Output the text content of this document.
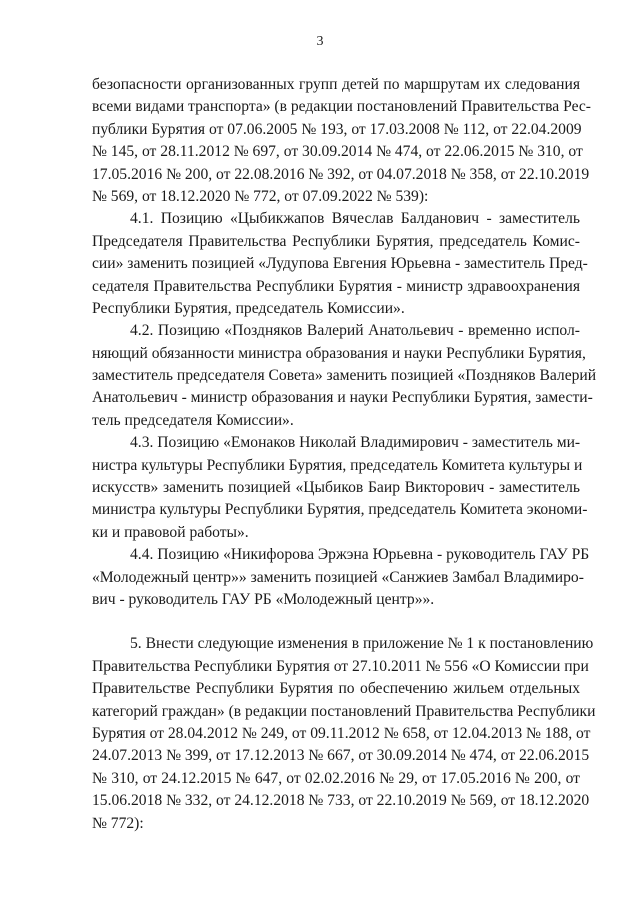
3
безопасности организованных групп детей по маршрутам их следования
всеми видами транспорта» (в редакции постановлений Правительства Рес-
публики Бурятия от 07.06.2005 № 193, от 17.03.2008 № 112, от 22.04.2009
№ 145, от 28.11.2012 № 697, от 30.09.2014 № 474, от 22.06.2015 № 310, от
17.05.2016 № 200, от 22.08.2016 № 392, от 04.07.2018 № 358, от 22.10.2019
№ 569, от 18.12.2020 № 772, от 07.09.2022 № 539):
4.1. Позицию «Цыбикжапов Вячеслав Балданович - заместитель
Председателя Правительства Республики Бурятия, председатель Комис-
сии» заменить позицией «Лудупова Евгения Юрьевна - заместитель Пред-
седателя Правительства Республики Бурятия - министр здравоохранения
Республики Бурятия, председатель Комиссии».
4.2. Позицию «Поздняков Валерий Анатольевич - временно испол-
няющий обязанности министра образования и науки Республики Бурятия,
заместитель председателя Совета» заменить позицией «Поздняков Валерий
Анатольевич - министр образования и науки Республики Бурятия, замести-
тель председателя Комиссии».
4.3. Позицию «Емонаков Николай Владимирович - заместитель ми-
нистра культуры Республики Бурятия, председатель Комитета культуры и
искусств» заменить позицией «Цыбиков Баир Викторович - заместитель
министра культуры Республики Бурятия, председатель Комитета экономи-
ки и правовой работы».
4.4. Позицию «Никифорова Эржэна Юрьевна - руководитель ГАУ РБ
«Молодежный центр»» заменить позицией «Санжиев Замбал Владимиро-
вич - руководитель ГАУ РБ «Молодежный центр»».
5. Внести следующие изменения в приложение № 1 к постановлению
Правительства Республики Бурятия от 27.10.2011 № 556 «О Комиссии при
Правительстве Республики Бурятия по обеспечению жильем отдельных
категорий граждан» (в редакции постановлений Правительства Республики
Бурятия от 28.04.2012 № 249, от 09.11.2012 № 658, от 12.04.2013 № 188, от
24.07.2013 № 399, от 17.12.2013 № 667, от 30.09.2014 № 474, от 22.06.2015
№ 310, от 24.12.2015 № 647, от 02.02.2016 № 29, от 17.05.2016 № 200, от
15.06.2018 № 332, от 24.12.2018 № 733, от 22.10.2019 № 569, от 18.12.2020
№ 772):
